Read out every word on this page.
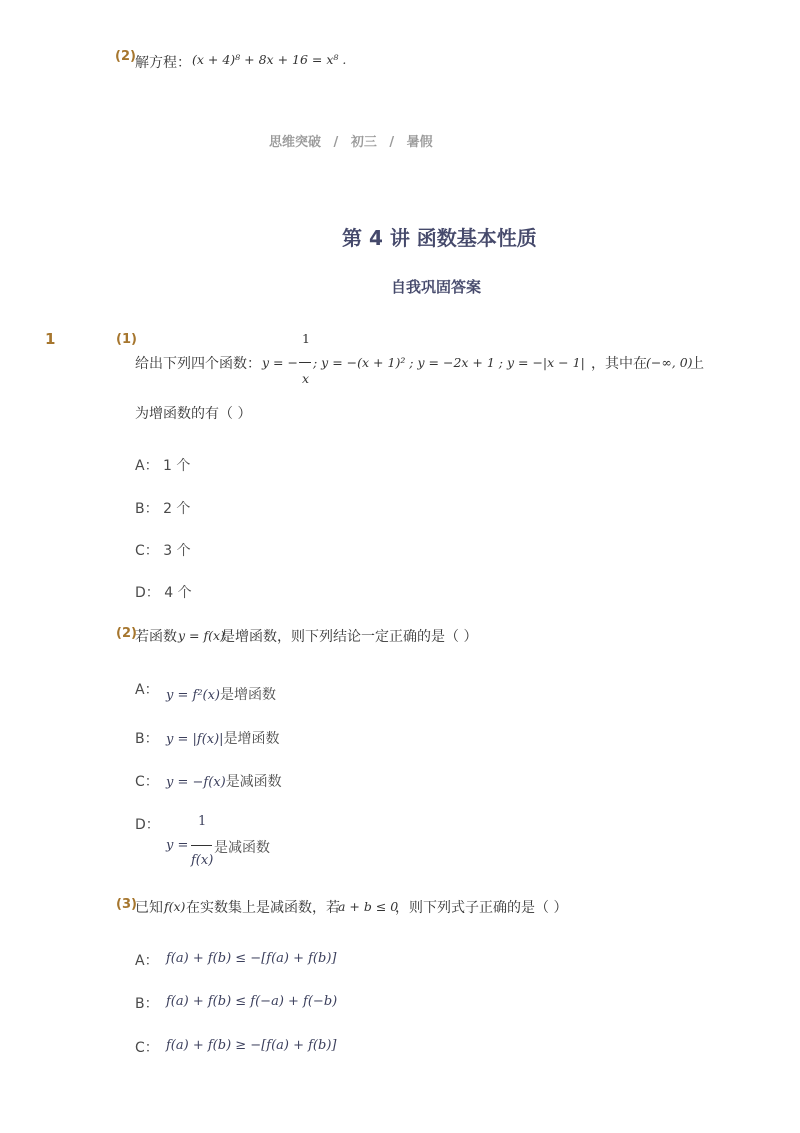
(2) 解方程： (x + 4)⁸ + 8x + 16 = x⁸ .
思维突破 / 初三 / 暑假
第 4 讲 函数基本性质
自我巩固答案
1	(1)
给出下列四个函数： y = −
1
x
; y = −(x + 1)² ; y = −2x + 1 ; y = −|x − 1| ，其中在 (−∞, 0)
上
为增函数的有（ ）
A： 1 个
B： 2 个
C： 3 个
D： 4 个
(2)
若函数 y = f(x)
是增函数，则下列结论一定正确的是（ ）
A： y = f²(x)是增函数
B： y = |f(x)|是增函数
C： y = −f(x)是减函数
D：
y =
1
f(x)
是减函数
(3)
已知 f(x) 在实数集上是减函数，若
a + b ≤ 0
，则下列式子正确的是（ ）
A： f(a) + f(b) ≤ −[f(a) + f(b)]
B： f(a) + f(b) ≤ f(−a) + f(−b)
C： f(a) + f(b) ≥ −[f(a) + f(b)]
